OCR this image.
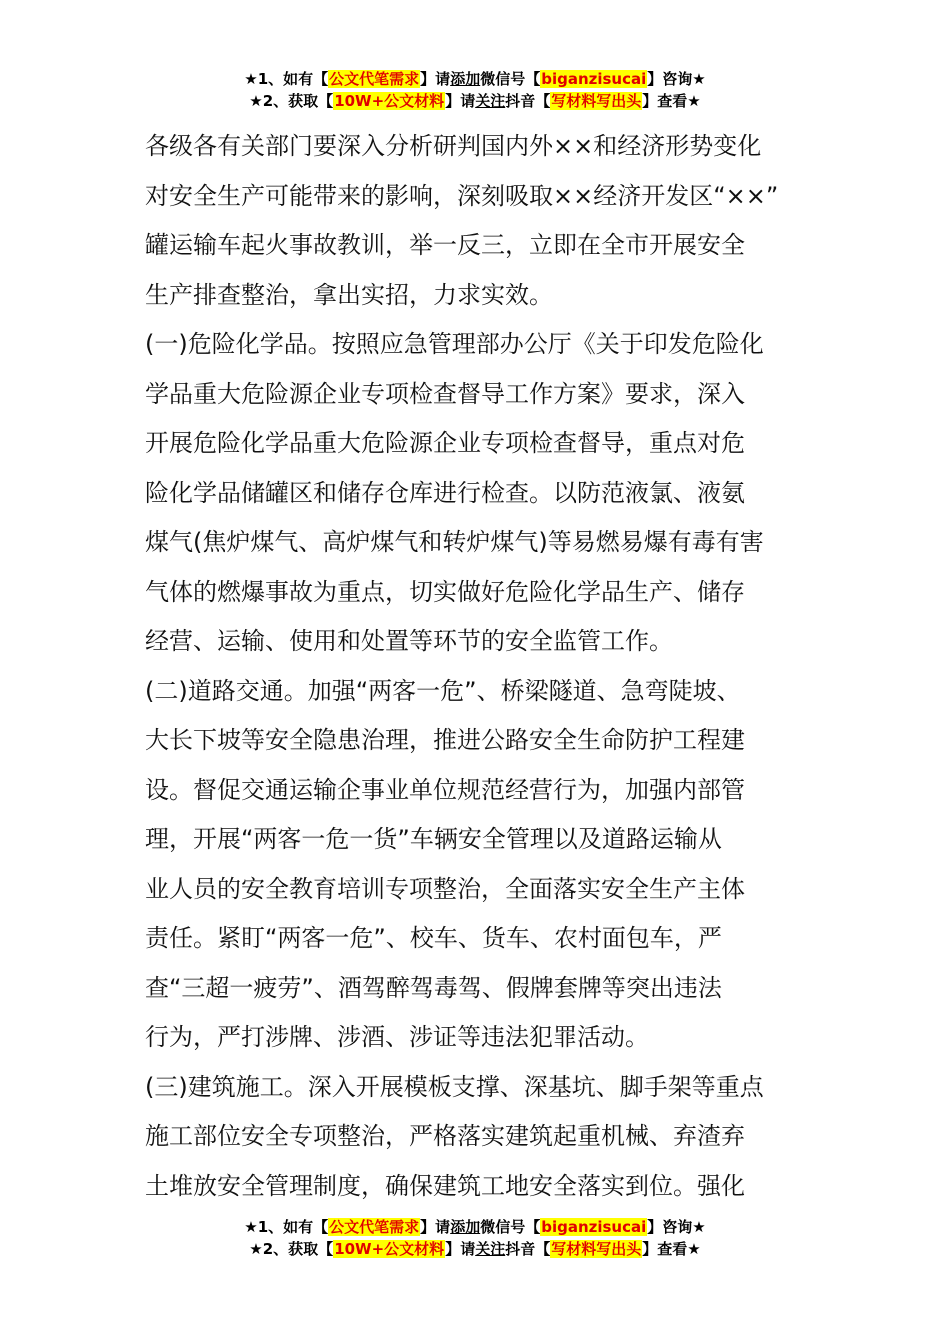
★1、如有【公文代笔需求】请添加微信号【biganzisucai】咨询★
★2、获取【10W+公文材料】请关注抖音【写材料写出头】查看★
各级各有关部门要深入分析研判国内外××和经济形势变化
对安全生产可能带来的影响，深刻吸取××经济开发区“××”
罐运输车起火事故教训，举一反三，立即在全市开展安全
生产排查整治，拿出实招，力求实效。
(一)危险化学品。按照应急管理部办公厅《关于印发危险化
学品重大危险源企业专项检查督导工作方案》要求，深入
开展危险化学品重大危险源企业专项检查督导，重点对危
险化学品储罐区和储存仓库进行检查。以防范液氯、液氨
煤气(焦炉煤气、高炉煤气和转炉煤气)等易燃易爆有毒有害
气体的燃爆事故为重点，切实做好危险化学品生产、储存
经营、运输、使用和处置等环节的安全监管工作。
(二)道路交通。加强“两客一危”、桥梁隧道、急弯陡坡、
大长下坡等安全隐患治理，推进公路安全生命防护工程建
设。督促交通运输企事业单位规范经营行为，加强内部管
理，开展“两客一危一货”车辆安全管理以及道路运输从
业人员的安全教育培训专项整治，全面落实安全生产主体
责任。紧盯“两客一危”、校车、货车、农村面包车，严
查“三超一疲劳”、酒驾醉驾毒驾、假牌套牌等突出违法
行为，严打涉牌、涉酒、涉证等违法犯罪活动。
(三)建筑施工。深入开展模板支撑、深基坑、脚手架等重点
施工部位安全专项整治，严格落实建筑起重机械、弃渣弃
土堆放安全管理制度，确保建筑工地安全落实到位。强化
★1、如有【公文代笔需求】请添加微信号【biganzisucai】咨询★
★2、获取【10W+公文材料】请关注抖音【写材料写出头】查看★
